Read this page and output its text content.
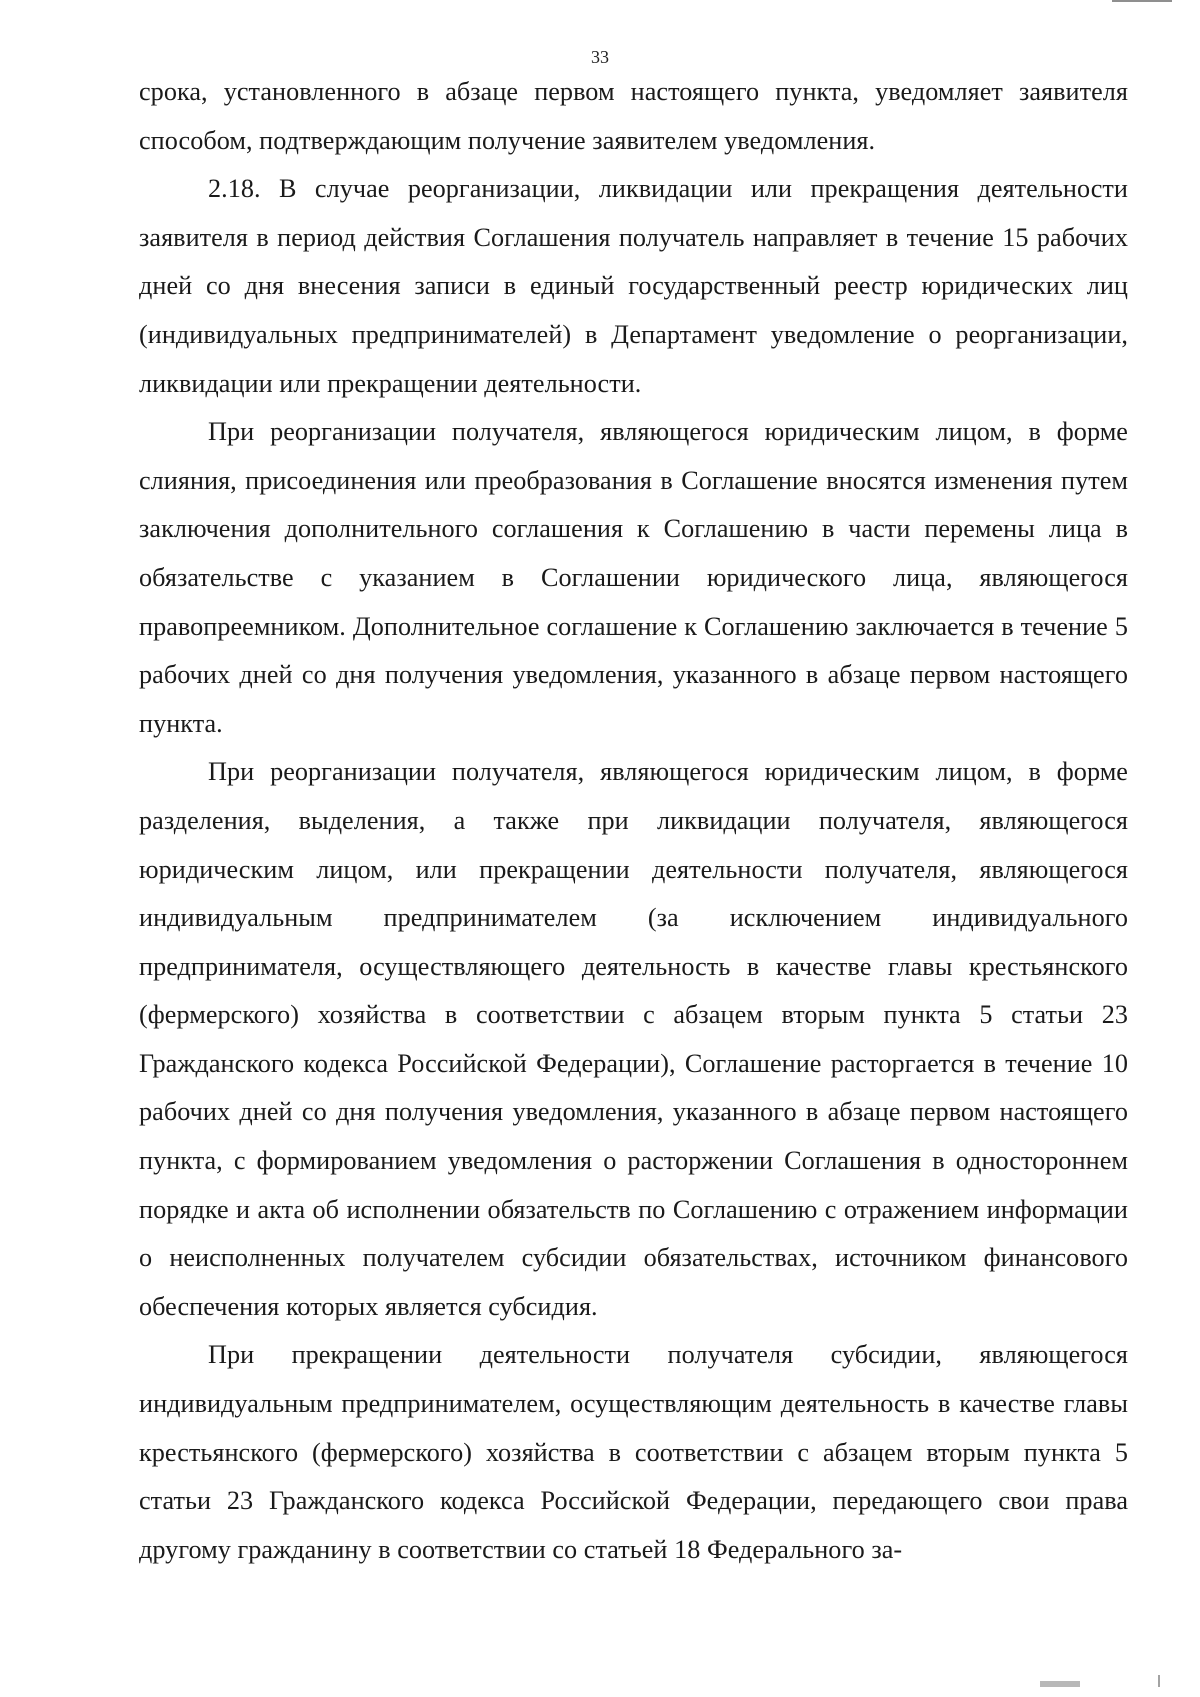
33

срока, установленного в абзаце первом настоящего пункта, уведомляет заявителя способом, подтверждающим получение заявителем уведомления.

2.18. В случае реорганизации, ликвидации или прекращения деятельности заявителя в период действия Соглашения получатель направляет в течение 15 рабочих дней со дня внесения записи в единый государственный реестр юридических лиц (индивидуальных предпринимателей) в Департамент уведомление о реорганизации, ликвидации или прекращении деятельности.

При реорганизации получателя, являющегося юридическим лицом, в форме слияния, присоединения или преобразования в Соглашение вносятся изменения путем заключения дополнительного соглашения к Соглашению в части перемены лица в обязательстве с указанием в Соглашении юридического лица, являющегося правопреемником. Дополнительное соглашение к Соглашению заключается в течение 5 рабочих дней со дня получения уведомления, указанного в абзаце первом настоящего пункта.

При реорганизации получателя, являющегося юридическим лицом, в форме разделения, выделения, а также при ликвидации получателя, являющегося юридическим лицом, или прекращении деятельности получателя, являющегося индивидуальным предпринимателем (за исключением индивидуального предпринимателя, осуществляющего деятельность в качестве главы крестьянского (фермерского) хозяйства в соответствии с абзацем вторым пункта 5 статьи 23 Гражданского кодекса Российской Федерации), Соглашение расторгается в течение 10 рабочих дней со дня получения уведомления, указанного в абзаце первом настоящего пункта, с формированием уведомления о расторжении Соглашения в одностороннем порядке и акта об исполнении обязательств по Соглашению с отражением информации о неисполненных получателем субсидии обязательствах, источником финансового обеспечения которых является субсидия.

При прекращении деятельности получателя субсидии, являющегося индивидуальным предпринимателем, осуществляющим деятельность в качестве главы крестьянского (фермерского) хозяйства в соответствии с абзацем вторым пункта 5 статьи 23 Гражданского кодекса Российской Федерации, передающего свои права другому гражданину в соответствии со статьей 18 Федерального за-
